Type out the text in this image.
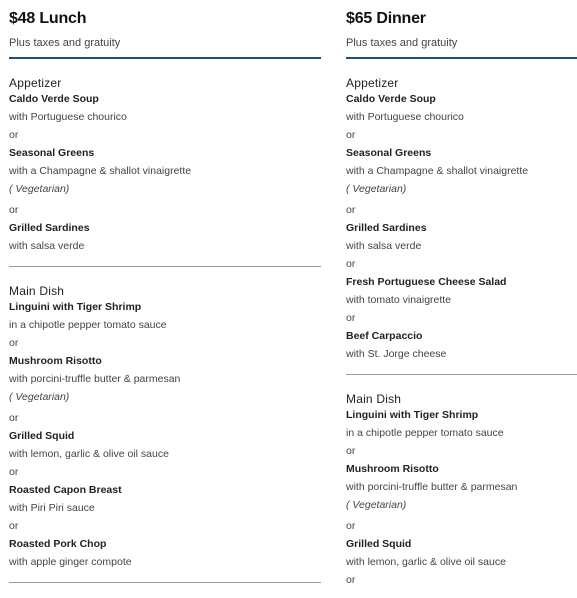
$48 Lunch
Plus taxes and gratuity
Appetizer
Caldo Verde Soup
with Portuguese chourico
or
Seasonal Greens
with a Champagne & shallot vinaigrette
( Vegetarian)
or
Grilled Sardines
with salsa verde
Main Dish
Linguini with Tiger Shrimp
in a chipotle pepper tomato sauce
or
Mushroom Risotto
with porcini-truffle butter & parmesan
( Vegetarian)
or
Grilled Squid
with lemon, garlic & olive oil sauce
or
Roasted Capon Breast
with Piri Piri sauce
or
Roasted Pork Chop
with apple ginger compote
$65 Dinner
Plus taxes and gratuity
Appetizer
Caldo Verde Soup
with Portuguese chourico
or
Seasonal Greens
with a Champagne & shallot vinaigrette
( Vegetarian)
or
Grilled Sardines
with salsa verde
or
Fresh Portuguese Cheese Salad
with tomato vinaigrette
or
Beef Carpaccio
with St. Jorge cheese
Main Dish
Linguini with Tiger Shrimp
in a chipotle pepper tomato sauce
or
Mushroom Risotto
with porcini-truffle butter & parmesan
( Vegetarian)
or
Grilled Squid
with lemon, garlic & olive oil sauce
or
